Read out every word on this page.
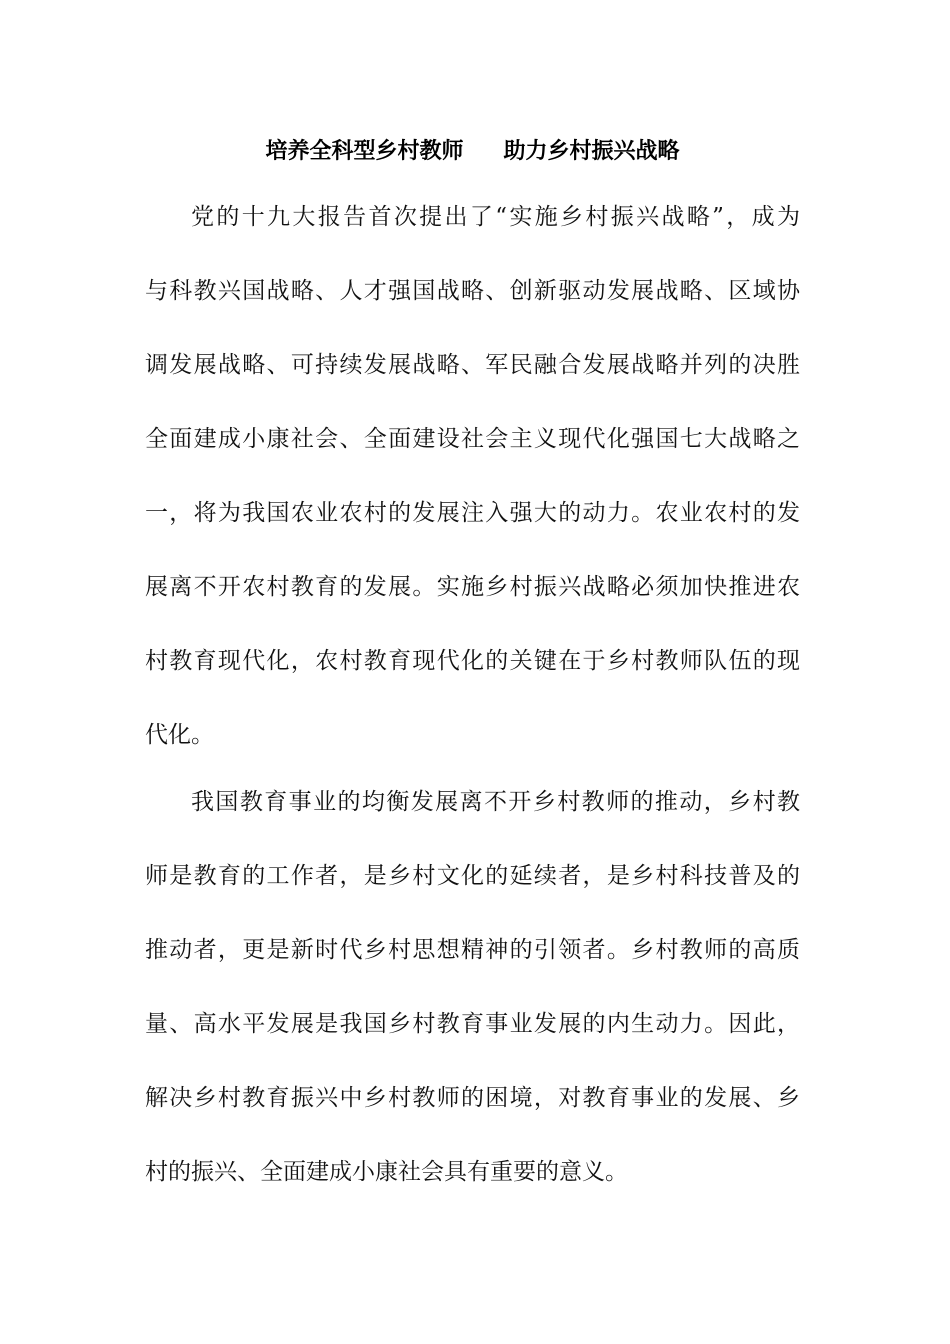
培养全科型乡村教师 助力乡村振兴战略
党的十九大报告首次提出了“实施乡村振兴战略”，成为
与科教兴国战略、人才强国战略、创新驱动发展战略、区域协
调发展战略、可持续发展战略、军民融合发展战略并列的决胜
全面建成小康社会、全面建设社会主义现代化强国七大战略之
一，将为我国农业农村的发展注入强大的动力。农业农村的发
展离不开农村教育的发展。实施乡村振兴战略必须加快推进农
村教育现代化，农村教育现代化的关键在于乡村教师队伍的现
代化。
我国教育事业的均衡发展离不开乡村教师的推动，乡村教
师是教育的工作者，是乡村文化的延续者，是乡村科技普及的
推动者，更是新时代乡村思想精神的引领者。乡村教师的高质
量、高水平发展是我国乡村教育事业发展的内生动力。因此，
解决乡村教育振兴中乡村教师的困境，对教育事业的发展、乡
村的振兴、全面建成小康社会具有重要的意义。
